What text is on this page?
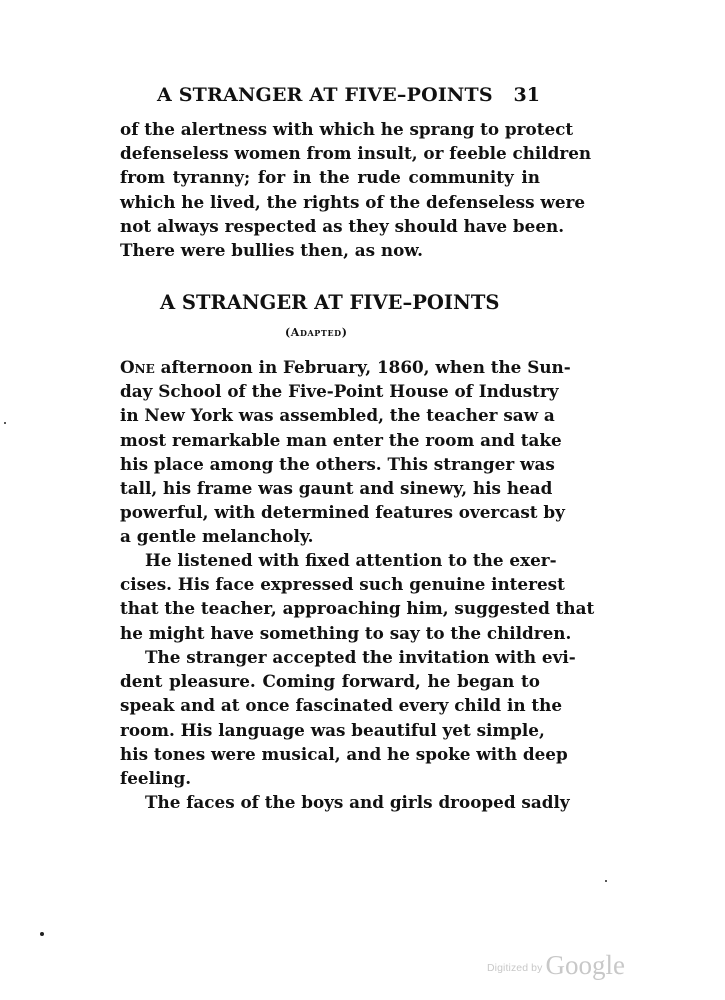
A STRANGER AT FIVE–POINTS 31
of the alertness with which he sprang to protect
defenseless women from insult, or feeble children
from tyranny; for in the rude community in
which he lived, the rights of the defenseless were
not always respected as they should have been.
There were bullies then, as now.
A STRANGER AT FIVE–POINTS
(Adapted)
One afternoon in February, 1860, when the Sun-
day School of the Five-Point House of Industry
in New York was assembled, the teacher saw a
most remarkable man enter the room and take
his place among the others. This stranger was
tall, his frame was gaunt and sinewy, his head
powerful, with determined features overcast by
a gentle melancholy.
He listened with fixed attention to the exer-
cises. His face expressed such genuine interest
that the teacher, approaching him, suggested that
he might have something to say to the children.
The stranger accepted the invitation with evi-
dent pleasure. Coming forward, he began to
speak and at once fascinated every child in the
room. His language was beautiful yet simple,
his tones were musical, and he spoke with deep
feeling.
The faces of the boys and girls drooped sadly
Digitized by Google
